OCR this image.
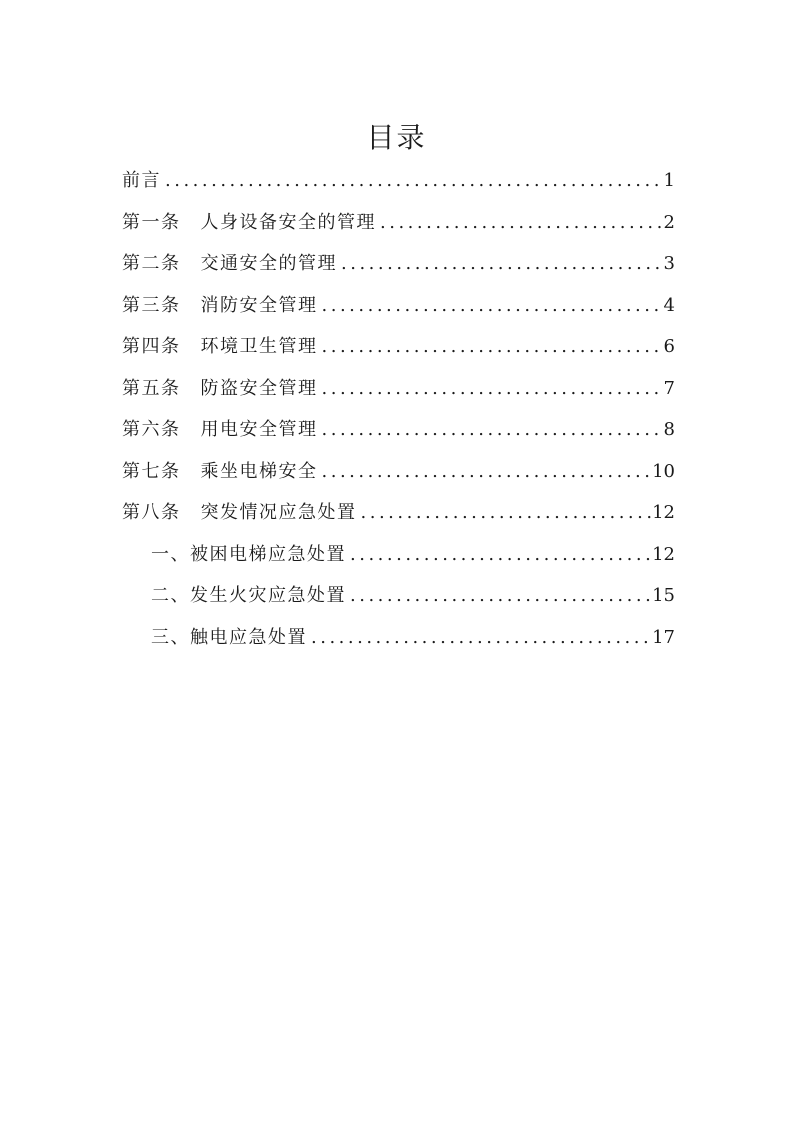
目录
前言 .....	1
第一条 人身设备安全的管理 .....	2
第二条 交通安全的管理 .....	3
第三条 消防安全管理 .....	4
第四条 环境卫生管理 .....	6
第五条 防盗安全管理 .....	7
第六条 用电安全管理 .....	8
第七条 乘坐电梯安全 .....	10
第八条 突发情况应急处置 .....	12
一、被困电梯应急处置 .....	12
二、发生火灾应急处置 .....	15
三、触电应急处置 .....	17
